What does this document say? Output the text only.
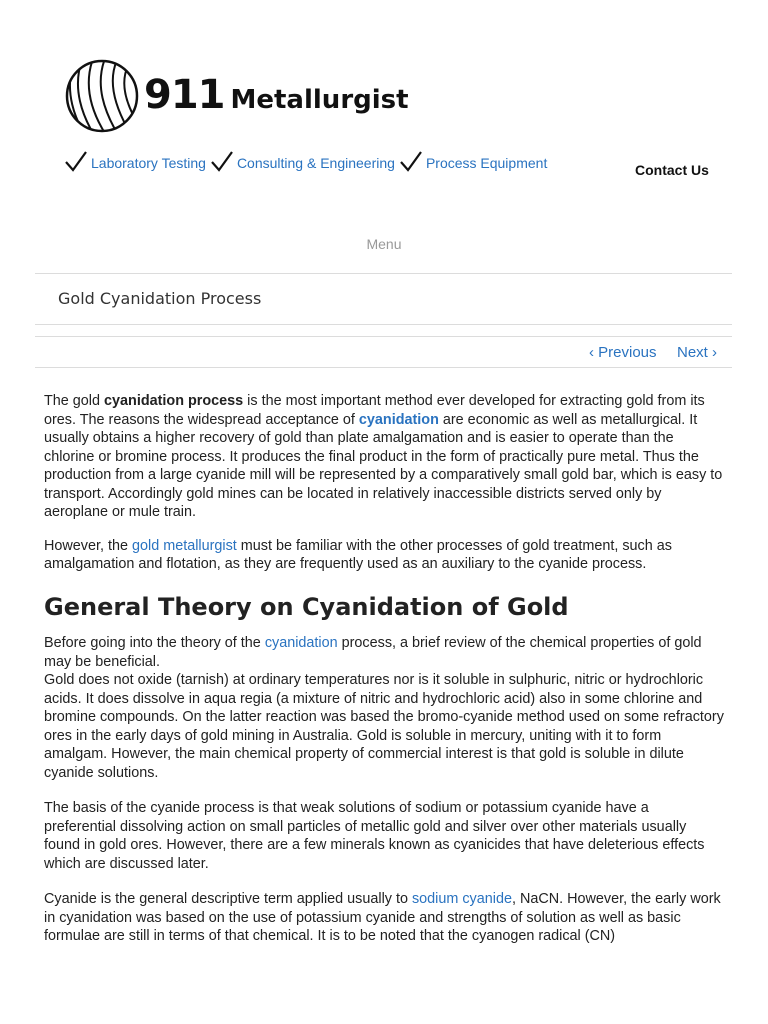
911 Metallurgist
Laboratory Testing Consulting & Engineering Process Equipment	Contact Us
Menu
Gold Cyanidation Process
‹ Previous Next ›

The gold cyanidation process is the most important method ever developed for extracting gold from its ores. The reasons the widespread acceptance of cyanidation are economic as well as metallurgical. It usually obtains a higher recovery of gold than plate amalgamation and is easier to operate than the chlorine or bromine process. It produces the final product in the form of practically pure metal. Thus the production from a large cyanide mill will be represented by a comparatively small gold bar, which is easy to transport. Accordingly gold mines can be located in relatively inaccessible districts served only by aeroplane or mule train.

However, the gold metallurgist must be familiar with the other processes of gold treatment, such as amalgamation and flotation, as they are frequently used as an auxiliary to the cyanide process.

General Theory on Cyanidation of Gold

Before going into the theory of the cyanidation process, a brief review of the chemical properties of gold may be beneficial.
Gold does not oxide (tarnish) at ordinary temperatures nor is it soluble in sulphuric, nitric or hydrochloric acids. It does dissolve in aqua regia (a mixture of nitric and hydrochloric acid) also in some chlorine and bromine compounds. On the latter reaction was based the bromo-cyanide method used on some refractory ores in the early days of gold mining in Australia. Gold is soluble in mercury, uniting with it to form amalgam. However, the main chemical property of commercial interest is that gold is soluble in dilute cyanide solutions.

The basis of the cyanide process is that weak solutions of sodium or potassium cyanide have a preferential dissolving action on small particles of metallic gold and silver over other materials usually found in gold ores. However, there are a few minerals known as cyanicides that have deleterious effects which are discussed later.

Cyanide is the general descriptive term applied usually to sodium cyanide, NaCN. However, the early work in cyanidation was based on the use of potassium cyanide and strengths of solution as well as basic formulae are still in terms of that chemical. It is to be noted that the cyanogen radical (CN)
